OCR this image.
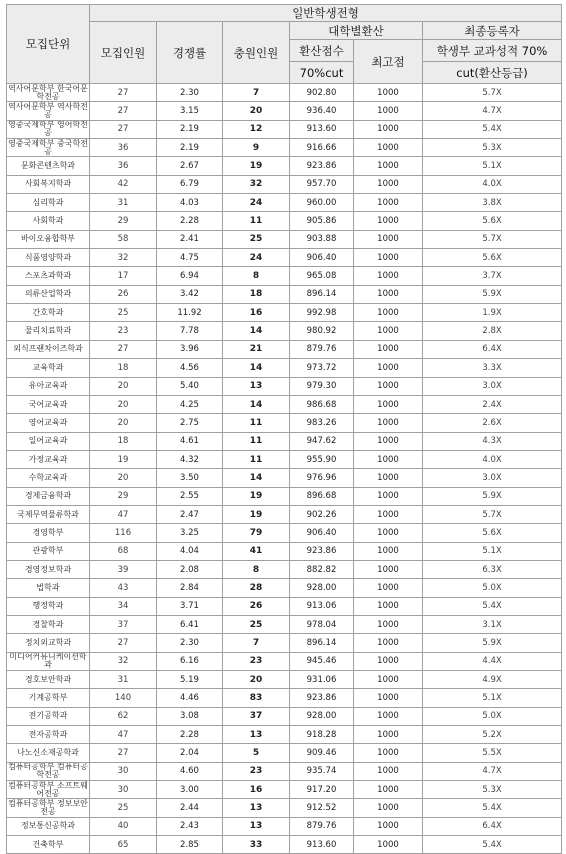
모집단위	일반학생전형					
	모집인원	경쟁률	충원인원	대학별환산		최종등록자
				환산점수	최고점	학생부 교과성적 70%
				70%cut		cut(환산등급)
역사어문학부 한국어문학전공	27	2.30	7	902.80	1000	5.7X
역사어문학부 역사학전공	27	3.15	20	936.40	1000	4.7X
영중국제학부 영어학전공	27	2.19	12	913.60	1000	5.4X
영중국제학부 중국학전공	36	2.19	9	916.66	1000	5.3X
문화콘텐츠학과	36	2.67	19	923.86	1000	5.1X
사회복지학과	42	6.79	32	957.70	1000	4.0X
심리학과	31	4.03	24	960.00	1000	3.8X
사회학과	29	2.28	11	905.86	1000	5.6X
바이오융합학부	58	2.41	25	903.88	1000	5.7X
식품영양학과	32	4.75	24	906.40	1000	5.6X
스포츠과학과	17	6.94	8	965.08	1000	3.7X
의류산업학과	26	3.42	18	896.14	1000	5.9X
간호학과	25	11.92	16	992.98	1000	1.9X
물리치료학과	23	7.78	14	980.92	1000	2.8X
외식프랜차이즈학과	27	3.96	21	879.76	1000	6.4X
교육학과	18	4.56	14	973.72	1000	3.3X
유아교육과	20	5.40	13	979.30	1000	3.0X
국어교육과	20	4.25	14	986.68	1000	2.4X
영어교육과	20	2.75	11	983.26	1000	2.6X
일어교육과	18	4.61	11	947.62	1000	4.3X
가정교육과	19	4.32	11	955.90	1000	4.0X
수학교육과	20	3.50	14	976.96	1000	3.0X
경제금융학과	29	2.55	19	896.68	1000	5.9X
국제무역물류학과	47	2.47	19	902.26	1000	5.7X
경영학부	116	3.25	79	906.40	1000	5.6X
관광학부	68	4.04	41	923.86	1000	5.1X
경영정보학과	39	2.08	8	882.82	1000	6.3X
법학과	43	2.84	28	928.00	1000	5.0X
행정학과	34	3.71	26	913.06	1000	5.4X
경찰학과	37	6.41	25	978.04	1000	3.1X
정치외교학과	27	2.30	7	896.14	1000	5.9X
미디어커뮤니케이션학과	32	6.16	23	945.46	1000	4.4X
경호보안학과	31	5.19	20	931.06	1000	4.9X
기계공학부	140	4.46	83	923.86	1000	5.1X
전기공학과	62	3.08	37	928.00	1000	5.0X
전자공학과	47	2.28	13	918.28	1000	5.2X
나노신소재공학과	27	2.04	5	909.46	1000	5.5X
컴퓨터공학부 컴퓨터공학전공	30	4.60	23	935.74	1000	4.7X
컴퓨터공학부 소프트웨어전공	30	3.00	16	917.20	1000	5.3X
컴퓨터공학부 정보보안전공	25	2.44	13	912.52	1000	5.4X
정보통신공학과	40	2.43	13	879.76	1000	6.4X
건축학부	65	2.85	33	913.60	1000	5.4X
